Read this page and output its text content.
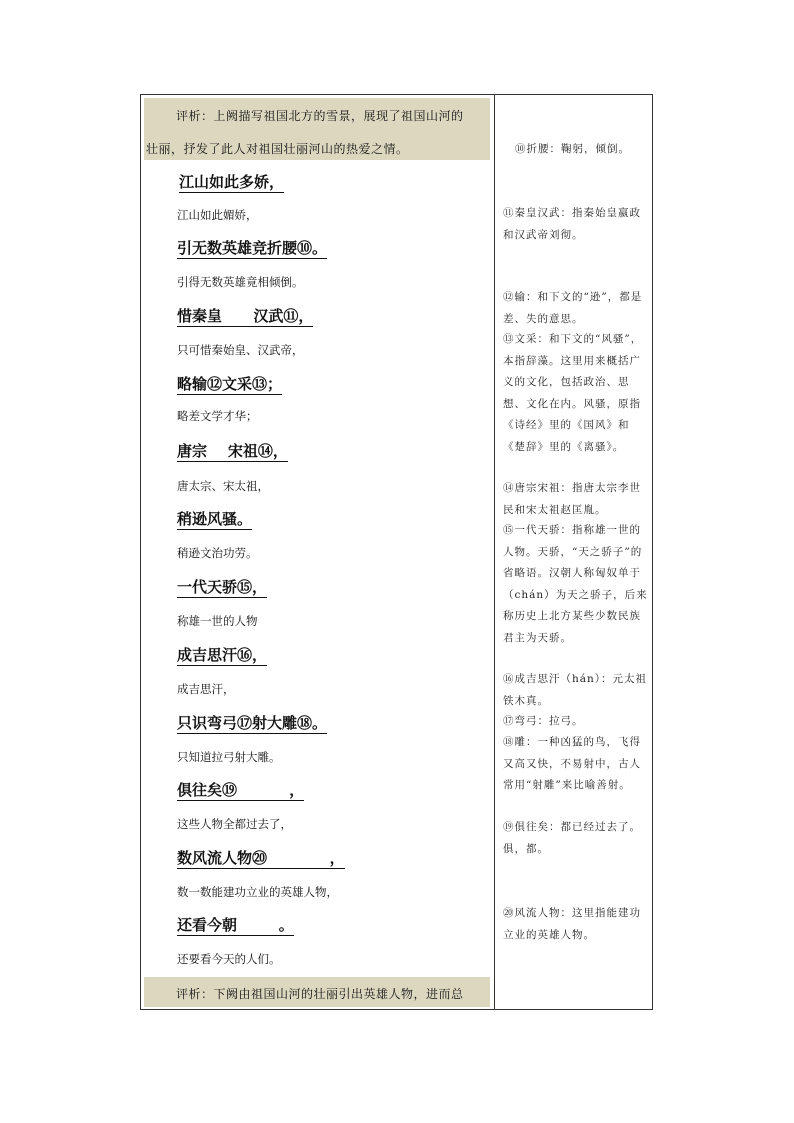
评析：上阙描写祖国北方的雪景，展现了祖国山河的
壮丽，抒发了此人对祖国壮丽河山的热爱之情。
江山如此多娇，
江山如此媚娇，
引无数英雄竞折腰⑩。
引得无数英雄竟相倾倒。
惜秦皇      汉武⑪，
只可惜秦始皇、汉武帝，
略输⑫文采⑬；
略差文学才华；
唐宗    宋祖⑭，
唐太宗、宋太祖，
稍逊风骚。
稍逊文治功劳。
一代天骄⑮，
称雄一世的人物
成吉思汗⑯，
成吉思汗，
只识弯弓⑰射大雕⑱。
只知道拉弓射大雕。
俱往矣⑲          ，
这些人物全都过去了，
数风流人物⑳            ，
数一数能建功立业的英雄人物，
还看今朝        。
还要看今天的人们。
评析：下阙由祖国山河的壮丽引出英雄人物，进而总
⑩折腰：鞠躬，倾倒。
⑪秦皇汉武：指秦始皇嬴政和汉武帝刘彻。
⑫输：和下文的“逊”，都是差、失的意思。
⑬文采：和下文的“风骚”，本指辞藻。这里用来概括广义的文化，包括政治、思想、文化在内。风骚，原指《诗经》里的《国风》和《楚辞》里的《离骚》。
⑭唐宗宋祖：指唐太宗李世民和宋太祖赵匡胤。
⑮一代天骄：指称雄一世的人物。天骄，“天之骄子”的省略语。汉朝人称匈奴单于（chán）为天之骄子，后来称历史上北方某些少数民族君主为天骄。
⑯成吉思汗（hán）：元太祖铁木真。
⑰弯弓：拉弓。
⑱雕：一种凶猛的鸟，飞得又高又快，不易射中，古人常用“射雕”来比喻善射。
⑲俱往矣：都已经过去了。俱，都。
⑳风流人物：这里指能建功立业的英雄人物。
